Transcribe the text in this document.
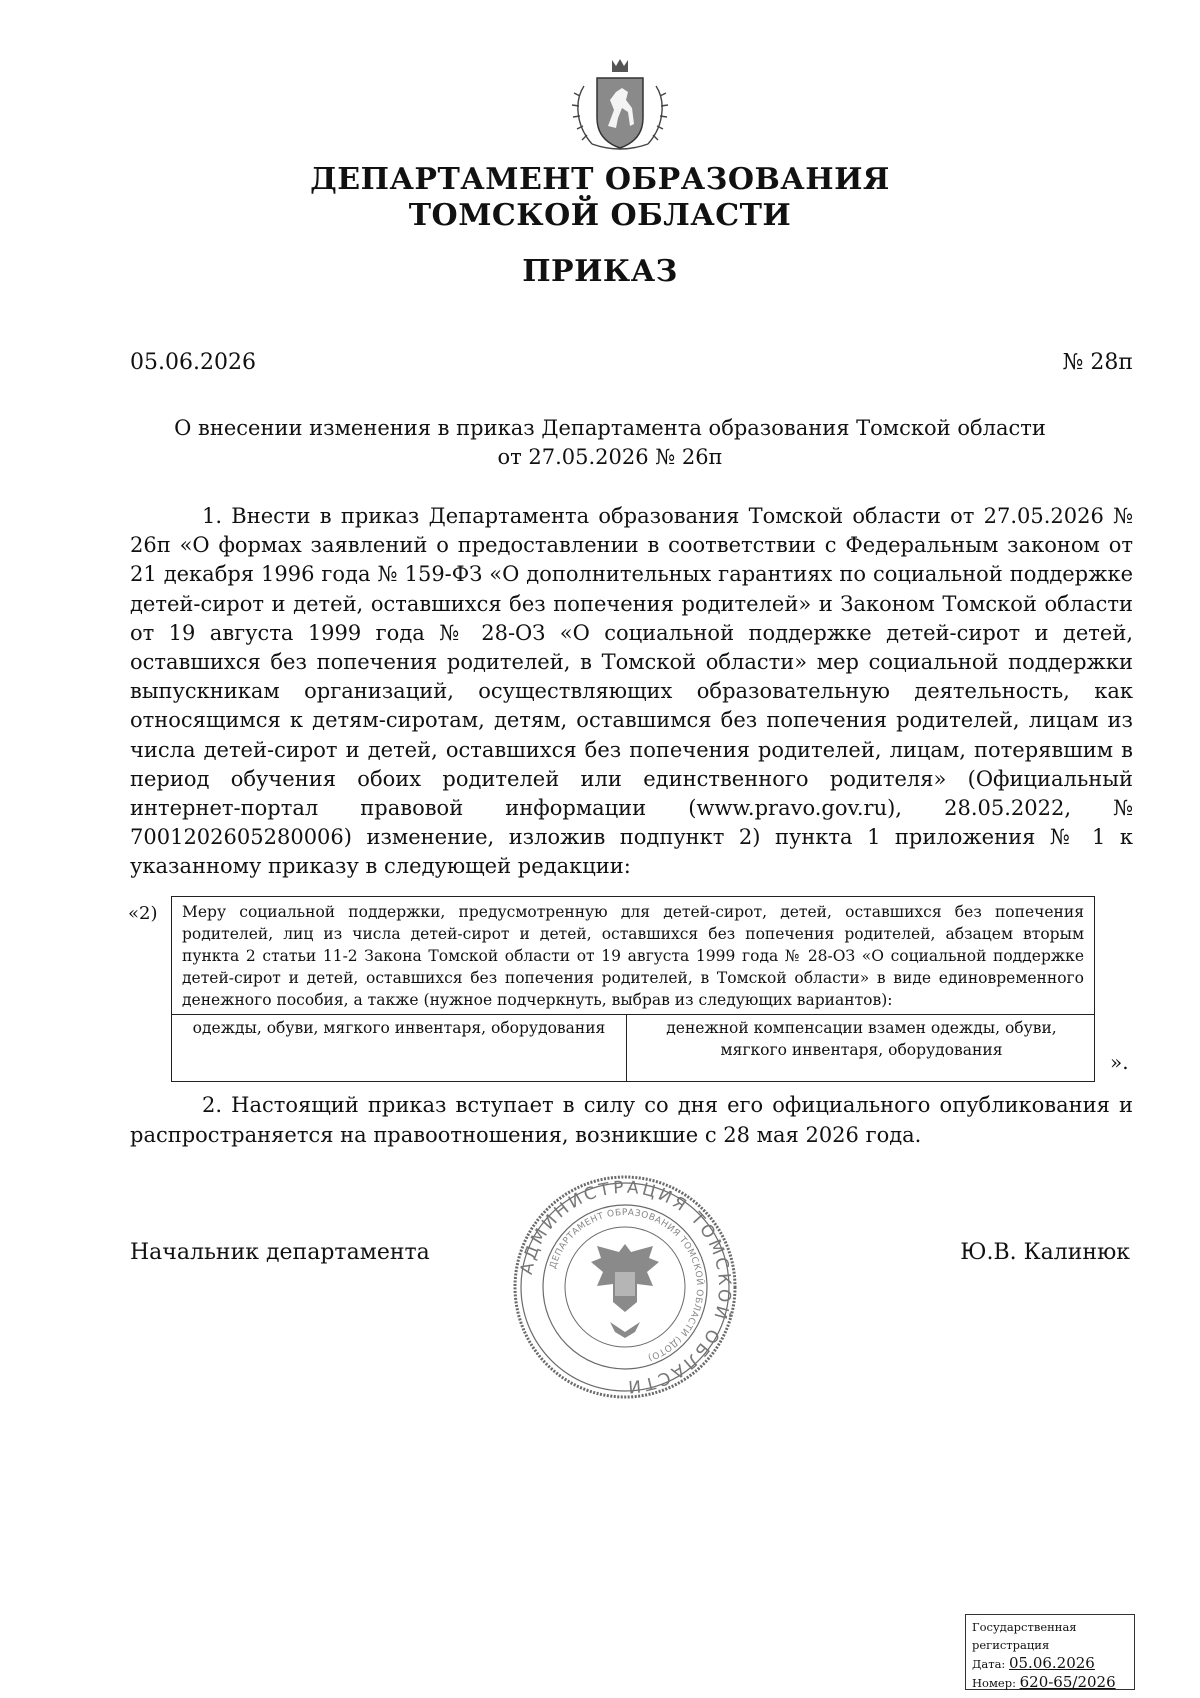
ДЕПАРТАМЕНТ ОБРАЗОВАНИЯ
ТОМСКОЙ ОБЛАСТИ
ПРИКАЗ
05.06.2026	№ 28п
О внесении изменения в приказ Департамента образования Томской области от 27.05.2026 № 26п
1. Внести в приказ Департамента образования Томской области от 27.05.2026 № 26п «О формах заявлений о предоставлении в соответствии с Федеральным законом от 21 декабря 1996 года № 159-ФЗ «О дополнительных гарантиях по социальной поддержке детей-сирот и детей, оставшихся без попечения родителей» и Законом Томской области от 19 августа 1999 года № 28-ОЗ «О социальной поддержке детей-сирот и детей, оставшихся без попечения родителей, в Томской области» мер социальной поддержки выпускникам организаций, осуществляющих образовательную деятельность, как относящимся к детям-сиротам, детям, оставшимся без попечения родителей, лицам из числа детей-сирот и детей, оставшихся без попечения родителей, лицам, потерявшим в период обучения обоих родителей или единственного родителя» (Официальный интернет-портал правовой информации (www.pravo.gov.ru), 28.05.2022, № 7001202605280006) изменение, изложив подпункт 2) пункта 1 приложения № 1 к указанному приказу в следующей редакции:
«2) Меру социальной поддержки, предусмотренную для детей-сирот, детей, оставшихся без попечения родителей, лиц из числа детей-сирот и детей, оставшихся без попечения родителей, абзацем вторым пункта 2 статьи 11-2 Закона Томской области от 19 августа 1999 года № 28-ОЗ «О социальной поддержке детей-сирот и детей, оставшихся без попечения родителей, в Томской области» в виде единовременного денежного пособия, а также (нужное подчеркнуть, выбрав из следующих вариантов):
одежды, обуви, мягкого инвентаря, оборудования	денежной компенсации взамен одежды, обуви, мягкого инвентаря, оборудования	».
2. Настоящий приказ вступает в силу со дня его официального опубликования и распространяется на правоотношения, возникшие с 28 мая 2026 года.
АДМИНИСТРАЦИЯ ТОМСКОЙ ОБЛАСТИ
ДЕПАРТАМЕНТ ОБРАЗОВАНИЯ ТОМСКОЙ ОБЛАСТИ (ДОТО)
Начальник департамента	Ю.В. Калинюк
Государственная регистрация
Дата: 05.06.2026
Номер: 620-65/2026
